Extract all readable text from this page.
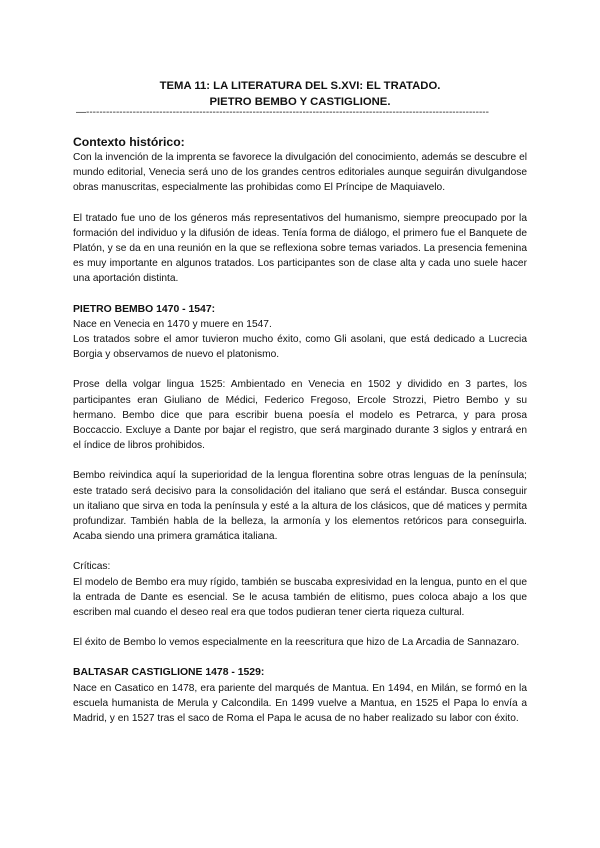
TEMA 11: LA LITERATURA DEL S.XVI: EL TRATADO.
PIETRO BEMBO Y CASTIGLIONE.
—-------------------------------------------------------------------------------------------------------------------------
Contexto histórico:

Con la invención de la imprenta se favorece la divulgación del conocimiento, además se descubre el mundo editorial, Venecia será uno de los grandes centros editoriales aunque seguirán divulgandose obras manuscritas, especialmente las prohibidas como El Príncipe de Maquiavelo.

El tratado fue uno de los géneros más representativos del humanismo, siempre preocupado por la formación del individuo y la difusión de ideas. Tenía forma de diálogo, el primero fue el Banquete de Platón, y se da en una reunión en la que se reflexiona sobre temas variados. La presencia femenina es muy importante en algunos tratados. Los participantes son de clase alta y cada uno suele hacer una aportación distinta.

PIETRO BEMBO 1470 - 1547:

Nace en Venecia en 1470 y muere en 1547.

Los tratados sobre el amor tuvieron mucho éxito, como Gli asolani, que está dedicado a Lucrecia Borgia y observamos de nuevo el platonismo.

Prose della volgar lingua 1525: Ambientado en Venecia en 1502 y dividido en 3 partes, los participantes eran Giuliano de Médici, Federico Fregoso, Ercole Strozzi, Pietro Bembo y su hermano. Bembo dice que para escribir buena poesía el modelo es Petrarca, y para prosa Boccaccio. Excluye a Dante por bajar el registro, que será marginado durante 3 siglos y entrará en el índice de libros prohibidos.

Bembo reivindica aquí la superioridad de la lengua florentina sobre otras lenguas de la península; este tratado será decisivo para la consolidación del italiano que será el estándar. Busca conseguir un italiano que sirva en toda la península y esté a la altura de los clásicos, que dé matices y permita profundizar. También habla de la belleza, la armonía y los elementos retóricos para conseguirla. Acaba siendo una primera gramática italiana.

Críticas:

El modelo de Bembo era muy rígido, también se buscaba expresividad en la lengua, punto en el que la entrada de Dante es esencial. Se le acusa también de elitismo, pues coloca abajo a los que escriben mal cuando el deseo real era que todos pudieran tener cierta riqueza cultural.

El éxito de Bembo lo vemos especialmente en la reescritura que hizo de La Arcadia de Sannazaro.

BALTASAR CASTIGLIONE 1478 - 1529:

Nace en Casatico en 1478, era pariente del marqués de Mantua. En 1494, en Milán, se formó en la escuela humanista de Merula y Calcondila. En 1499 vuelve a Mantua, en 1525 el Papa lo envía a Madrid, y en 1527 tras el saco de Roma el Papa le acusa de no haber realizado su labor con éxito.
